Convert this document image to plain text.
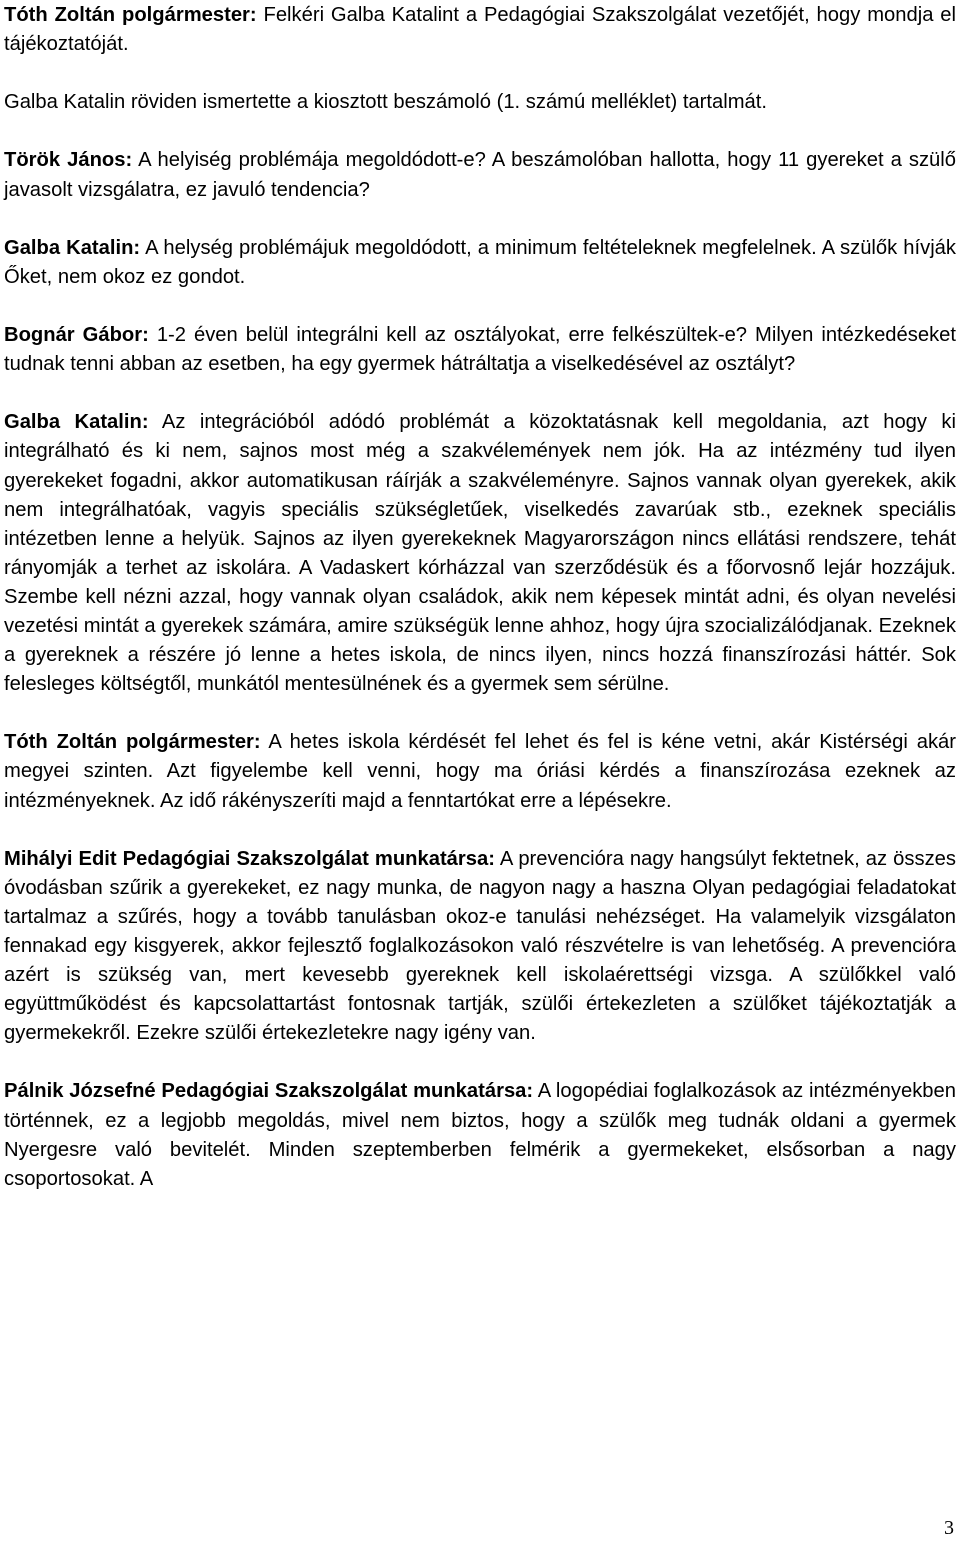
Tóth Zoltán polgármester: Felkéri Galba Katalint a Pedagógiai Szakszolgálat vezetőjét, hogy mondja el tájékoztatóját.

Galba Katalin röviden ismertette a kiosztott beszámoló (1. számú melléklet) tartalmát.

Török János: A helyiség problémája megoldódott-e? A beszámolóban hallotta, hogy 11 gyereket a szülő javasolt vizsgálatra, ez javuló tendencia?

Galba Katalin: A helység problémájuk megoldódott, a minimum feltételeknek megfelelnek. A szülők hívják Őket, nem okoz ez gondot.

Bognár Gábor: 1-2 éven belül integrálni kell az osztályokat, erre felkészültek-e? Milyen intézkedéseket tudnak tenni abban az esetben, ha egy gyermek hátráltatja a viselkedésével az osztályt?

Galba Katalin: Az integrációból adódó problémát a közoktatásnak kell megoldania, azt hogy ki integrálható és ki nem, sajnos most még a szakvélemények nem jók. Ha az intézmény tud ilyen gyerekeket fogadni, akkor automatikusan ráírják a szakvéleményre. Sajnos vannak olyan gyerekek, akik nem integrálhatóak, vagyis speciális szükségletűek, viselkedés zavarúak stb., ezeknek speciális intézetben lenne a helyük. Sajnos az ilyen gyerekeknek Magyarországon nincs ellátási rendszere, tehát rányomják a terhet az iskolára. A Vadaskert kórházzal van szerződésük és a főorvosnő lejár hozzájuk. Szembe kell nézni azzal, hogy vannak olyan családok, akik nem képesek mintát adni, és olyan nevelési vezetési mintát a gyerekek számára, amire szükségük lenne ahhoz, hogy újra szocializálódjanak. Ezeknek a gyereknek a részére jó lenne a hetes iskola, de nincs ilyen, nincs hozzá finanszírozási háttér. Sok felesleges költségtől, munkától mentesülnének és a gyermek sem sérülne.

Tóth Zoltán polgármester: A hetes iskola kérdését fel lehet és fel is kéne vetni, akár Kistérségi akár megyei szinten. Azt figyelembe kell venni, hogy ma óriási kérdés a finanszírozása ezeknek az intézményeknek. Az idő rákényszeríti majd a fenntartókat erre a lépésekre.

Mihályi Edit Pedagógiai Szakszolgálat munkatársa: A prevencióra nagy hangsúlyt fektetnek, az összes óvodásban szűrik a gyerekeket, ez nagy munka, de nagyon nagy a haszna Olyan pedagógiai feladatokat tartalmaz a szűrés, hogy a tovább tanulásban okoz-e tanulási nehézséget. Ha valamelyik vizsgálaton fennakad egy kisgyerek, akkor fejlesztő foglalkozásokon való részvételre is van lehetőség. A prevencióra azért is szükség van, mert kevesebb gyereknek kell iskolaérettségi vizsga. A szülőkkel való együttműködést és kapcsolattartást fontosnak tartják, szülői értekezleten a szülőket tájékoztatják a gyermekekről. Ezekre szülői értekezletekre nagy igény van.

Pálnik Józsefné Pedagógiai Szakszolgálat munkatársa: A logopédiai foglalkozások az intézményekben történnek, ez a legjobb megoldás, mivel nem biztos, hogy a szülők meg tudnák oldani a gyermek Nyergesre való bevitelét. Minden szeptemberben felmérik a gyermekeket, elsősorban a nagy csoportosokat. A

3
